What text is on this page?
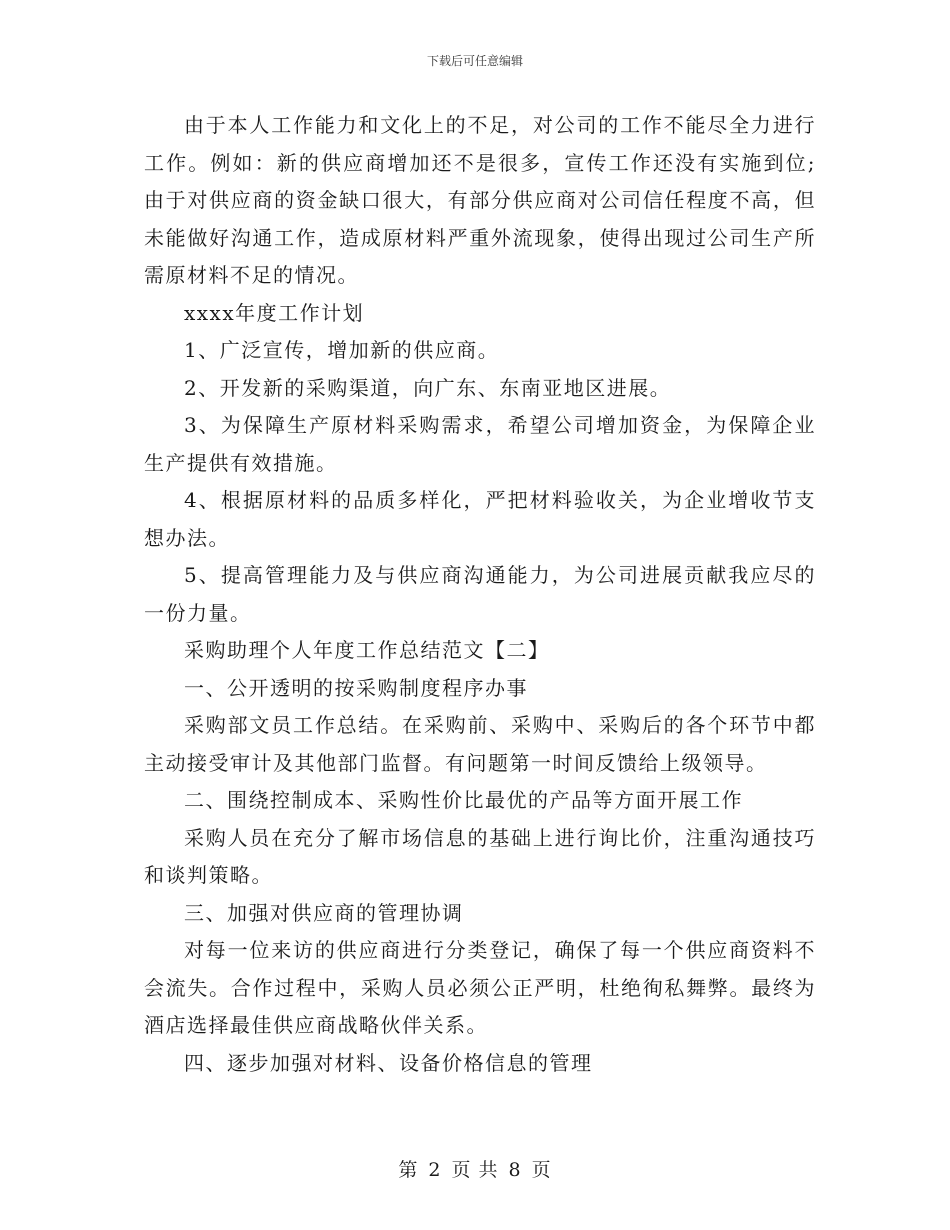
下载后可任意编辑

由于本人工作能力和文化上的不足，对公司的工作不能尽全力进行工作。例如：新的供应商增加还不是很多，宣传工作还没有实施到位;由于对供应商的资金缺口很大，有部分供应商对公司信任程度不高，但未能做好沟通工作，造成原材料严重外流现象，使得出现过公司生产所需原材料不足的情况。

xxxx年度工作计划

1、广泛宣传，增加新的供应商。

2、开发新的采购渠道，向广东、东南亚地区进展。

3、为保障生产原材料采购需求，希望公司增加资金，为保障企业生产提供有效措施。

4、根据原材料的品质多样化，严把材料验收关，为企业增收节支想办法。

5、提高管理能力及与供应商沟通能力，为公司进展贡献我应尽的一份力量。

采购助理个人年度工作总结范文【二】

一、公开透明的按采购制度程序办事

采购部文员工作总结。在采购前、采购中、采购后的各个环节中都主动接受审计及其他部门监督。有问题第一时间反馈给上级领导。

二、围绕控制成本、采购性价比最优的产品等方面开展工作

采购人员在充分了解市场信息的基础上进行询比价，注重沟通技巧和谈判策略。

三、加强对供应商的管理协调

对每一位来访的供应商进行分类登记，确保了每一个供应商资料不会流失。合作过程中，采购人员必须公正严明，杜绝徇私舞弊。最终为酒店选择最佳供应商战略伙伴关系。

四、逐步加强对材料、设备价格信息的管理

第 2 页 共 8 页
